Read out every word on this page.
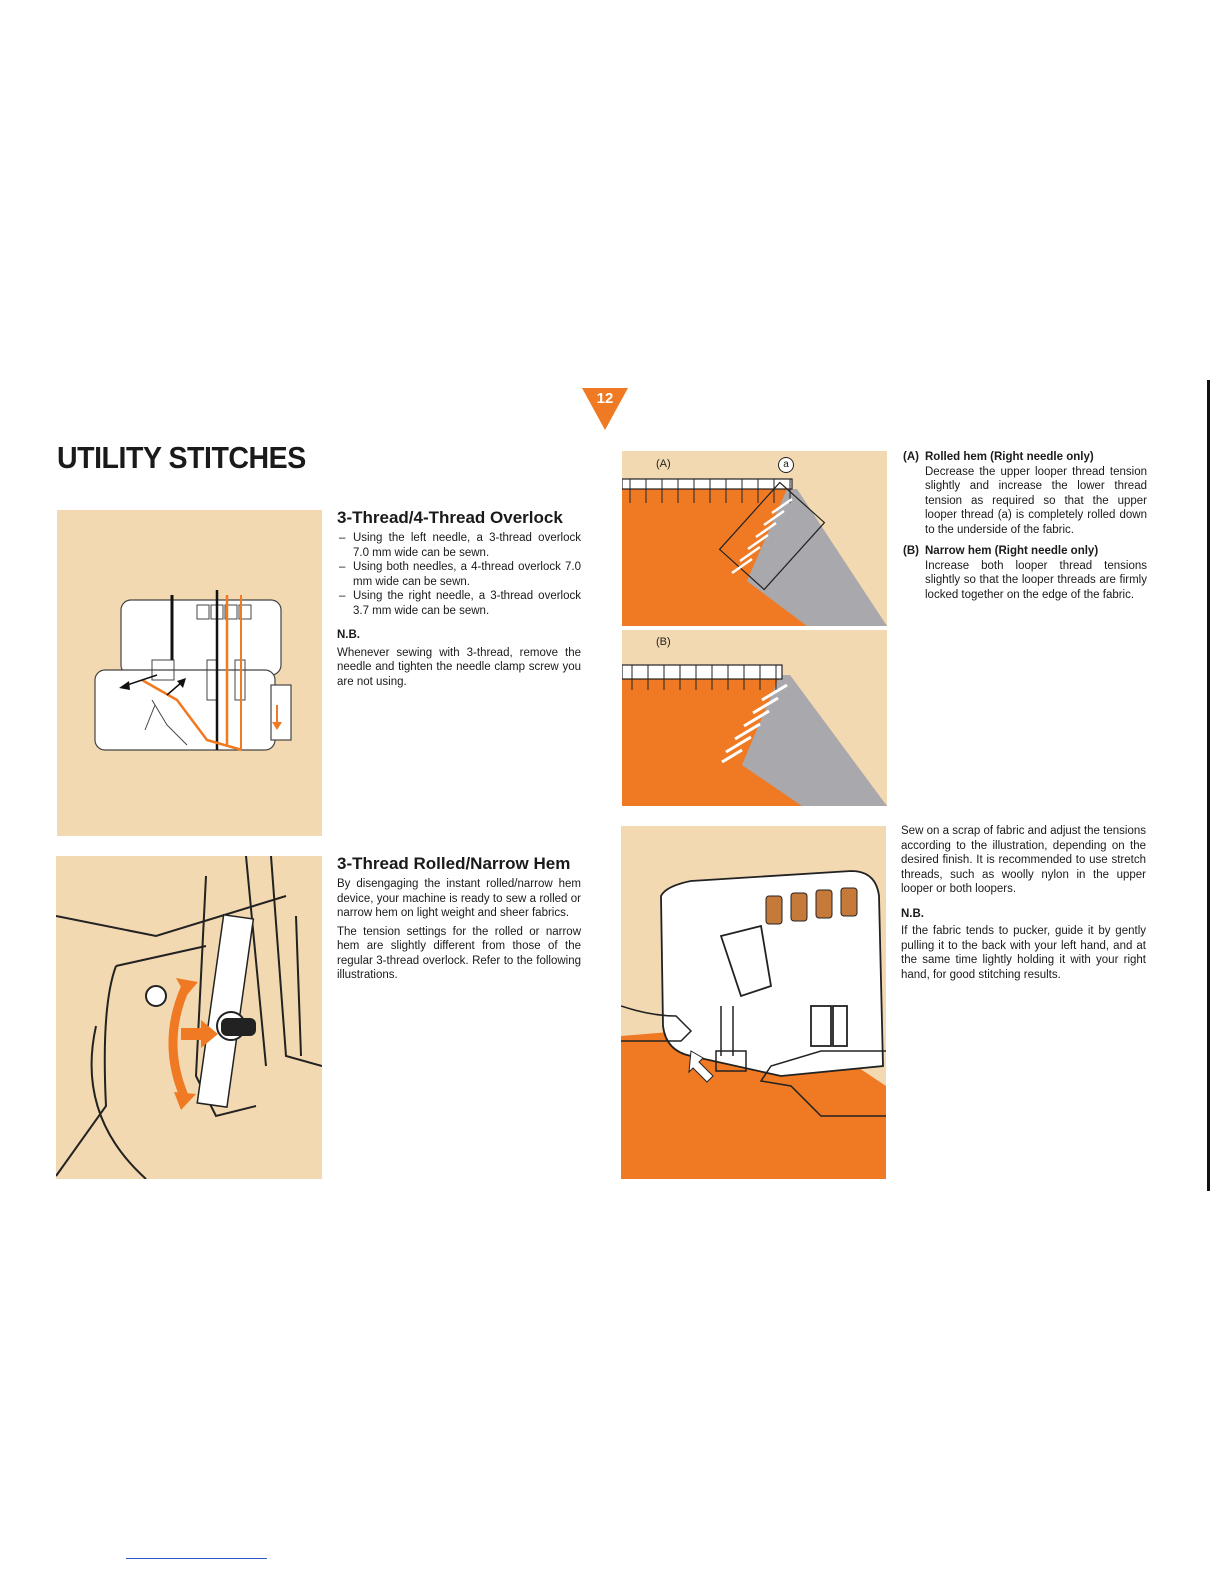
12
UTILITY STITCHES
3-Thread/4-Thread Overlock
– Using the left needle, a 3-thread overlock 7.0 mm wide can be sewn.
– Using both needles, a 4-thread overlock 7.0 mm wide can be sewn.
– Using the right needle, a 3-thread overlock 3.7 mm wide can be sewn.

N.B.

Whenever sewing with 3-thread, remove the needle and tighten the needle clamp screw you are not using.

3-Thread Rolled/Narrow Hem

By disengaging the instant rolled/narrow hem device, your machine is ready to sew a rolled or narrow hem on light weight and sheer fabrics.

The tension settings for the rolled or narrow hem are slightly different from those of the regular 3-thread overlock. Refer to the following illustrations.

(A)	a
(B)
(A) Rolled hem (Right needle only)
Decrease the upper looper thread tension slightly and increase the lower thread tension as required so that the upper looper thread (a) is completely rolled down to the underside of the fabric.
(B) Narrow hem (Right needle only)
Increase both looper thread tensions slightly so that the looper threads are firmly locked together on the edge of the fabric.

Sew on a scrap of fabric and adjust the tensions according to the illustration, depending on the desired finish. It is recommended to use stretch threads, such as woolly nylon in the upper looper or both loopers.

N.B.

If the fabric tends to pucker, guide it by gently pulling it to the back with your left hand, and at the same time lightly holding it with your right hand, for good stitching results.
